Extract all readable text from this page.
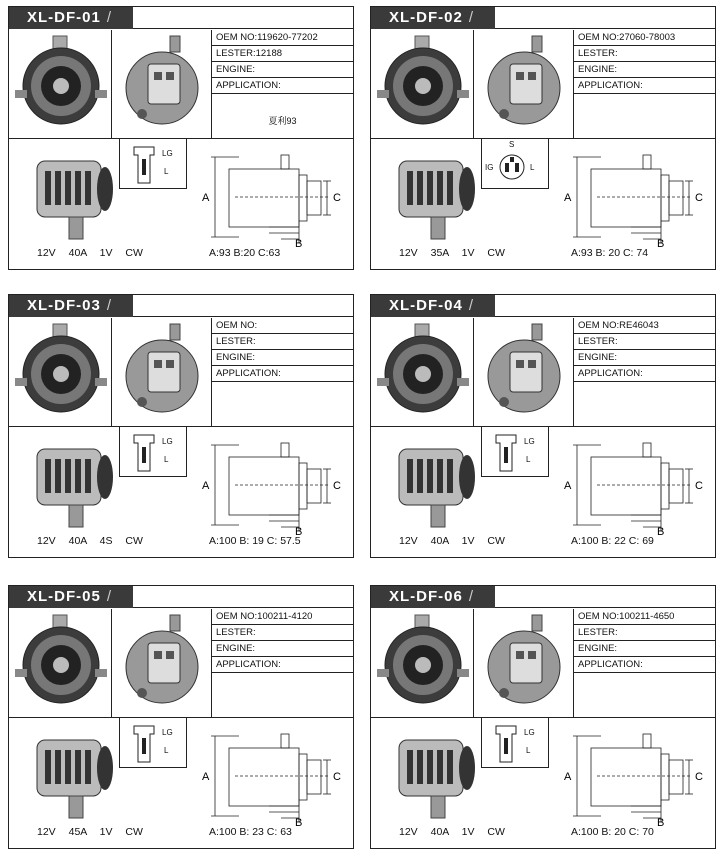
XL-DF-01 /
OEM NO:119620-77202
LESTER:12188
ENGINE:
APPLICATION:
夏利93
LG
L
A	C
B
12V 40A 1V CW	A:93 B:20 C:63
XL-DF-02 /
OEM NO:27060-78003
LESTER:
ENGINE:
APPLICATION:
S
IG	L
A	C
B
12V 35A 1V CW	A:93 B: 20 C: 74
XL-DF-03 /
OEM NO:
LESTER:
ENGINE:
APPLICATION:
LG
L
A	C
B
12V 40A 4S CW	A:100 B: 19 C: 57.5
XL-DF-04 /
OEM NO:RE46043
LESTER:
ENGINE:
APPLICATION:
LG
L
A	C
B
12V 40A 1V CW	A:100 B: 22 C: 69
XL-DF-05 /
OEM NO:100211-4120
LESTER:
ENGINE:
APPLICATION:
LG
L
A	C
B
12V 45A 1V CW	A:100 B: 23 C: 63
XL-DF-06 /
OEM NO:100211-4650
LESTER:
ENGINE:
APPLICATION:
LG
L
A	C
B
12V 40A 1V CW	A:100 B: 20 C: 70
